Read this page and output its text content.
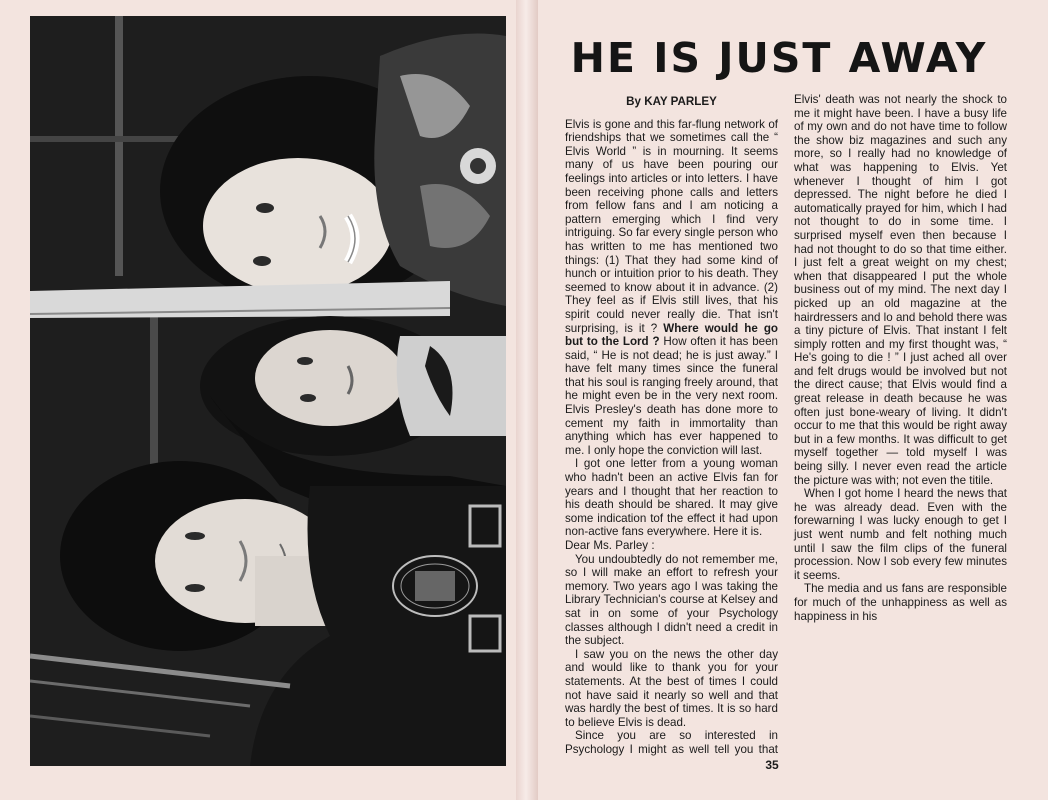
HE IS JUST AWAY
By KAY PARLEY

Elvis is gone and this far-flung network of friendships that we sometimes call the “ Elvis World ” is in mourning. It seems many of us have been pouring our feelings into articles or into letters. I have been receiving phone calls and letters from fellow fans and I am noticing a pattern emerging which I find very intriguing. So far every single person who has written to me has mentioned two things: (1) That they had some kind of hunch or intuition prior to his death. They seemed to know about it in advance. (2) They feel as if Elvis still lives, that his spirit could never really die. That isn't surprising, is it ? Where would he go but to the Lord ? How often it has been said, “ He is not dead; he is just away.” I have felt many times since the funeral that his soul is ranging freely around, that he might even be in the very next room. Elvis Presley's death has done more to cement my faith in immortality than anything which has ever happened to me. I only hope the conviction will last.

I got one letter from a young woman who hadn't been an active Elvis fan for years and I thought that her reaction to his death should be shared. It may give some indication tof the effect it had upon non-active fans everywhere. Here it is.

Dear Ms. Parley :

You undoubtedly do not remember me, so I will make an effort to refresh your memory. Two years ago I was taking the Library Technician's course at Kelsey and sat in on some of your Psychology classes although I didn't need a credit in the subject.

I saw you on the news the other day and would like to thank you for your statements. At the best of times I could not have said it nearly so well and that was hardly the best of times. It is so hard to believe Elvis is dead.

Since you are so interested in Psychology I might as well tell you that Elvis' death was not nearly the shock to me it might have been. I have a busy life of my own and do not have time to follow the show biz magazines and such any more, so I really had no knowledge of what was happening to Elvis. Yet whenever I thought of him I got depressed. The night before he died I automatically prayed for him, which I had not thought to do in some time. I surprised myself even then because I had not thought to do so that time either. I just felt a great weight on my chest; when that disappeared I put the whole business out of my mind. The next day I picked up an old magazine at the hairdressers and lo and behold there was a tiny picture of Elvis. That instant I felt simply rotten and my first thought was, “ He's going to die ! ” I just ached all over and felt drugs would be involved but not the direct cause; that Elvis would find a great release in death because he was often just bone-weary of living. It didn't occur to me that this would be right away but in a few months. It was difficult to get myself together — told myself I was being silly. I never even read the article the picture was with; not even the titile.

When I got home I heard the news that he was already dead. Even with the forewarning I was lucky enough to get I just went numb and felt nothing much until I saw the film clips of the funeral procession. Now I sob every few minutes it seems.

The media and us fans are responsible for much of the unhappiness as well as happiness in his

35
